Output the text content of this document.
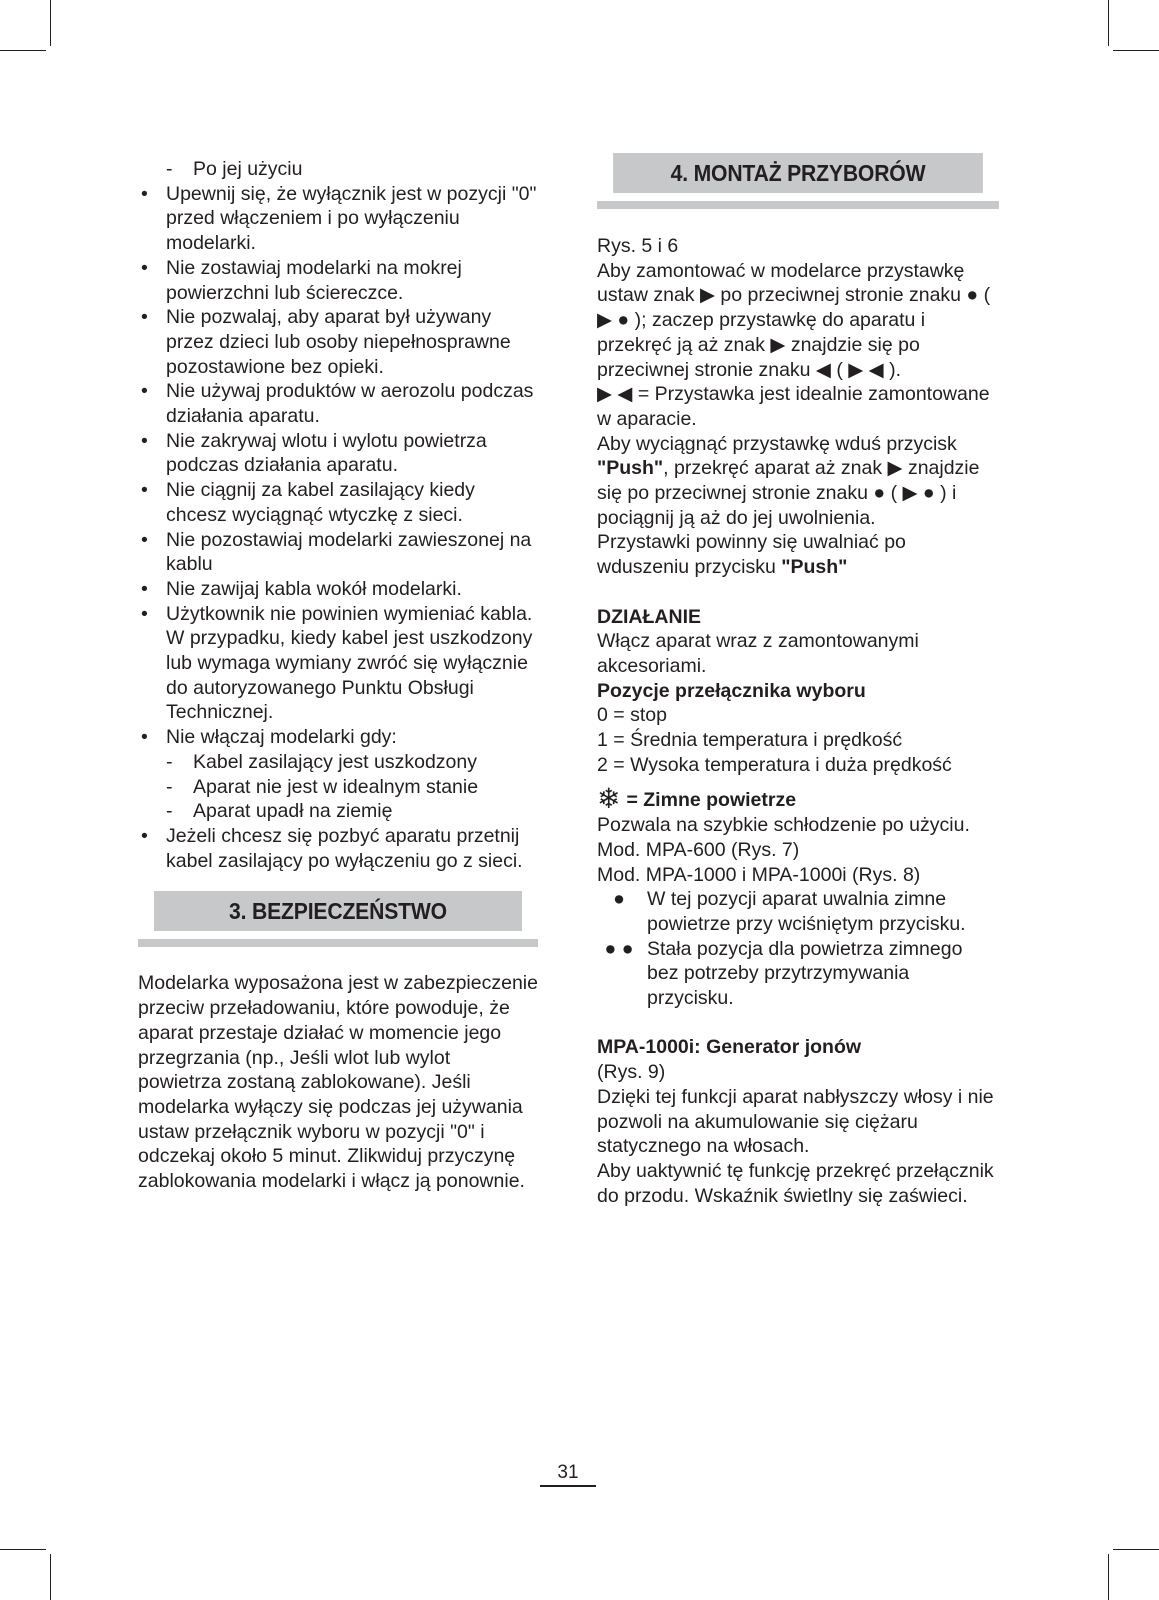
- Po jej użyciu
• Upewnij się, że wyłącznik jest w pozycji "0" przed włączeniem i po wyłączeniu modelarki.
• Nie zostawiaj modelarki na mokrej powierzchni lub ściereczce.
• Nie pozwalaj, aby aparat był używany przez dzieci lub osoby niepełnosprawne pozostawione bez opieki.
• Nie używaj produktów w aerozolu podczas działania aparatu.
• Nie zakrywaj wlotu i wylotu powietrza podczas działania aparatu.
• Nie ciągnij za kabel zasilający kiedy chcesz wyciągnąć wtyczkę z sieci.
• Nie pozostawiaj modelarki zawieszonej na kablu
• Nie zawijaj kabla wokół modelarki.
• Użytkownik nie powinien wymieniać kabla. W przypadku, kiedy kabel jest uszkodzony lub wymaga wymiany zwróć się wyłącznie do autoryzowanego Punktu Obsługi Technicznej.
• Nie włączaj modelarki gdy:
- Kabel zasilający jest uszkodzony
- Aparat nie jest w idealnym stanie
- Aparat upadł na ziemię
• Jeżeli chcesz się pozbyć aparatu przetnij kabel zasilający po wyłączeniu go z sieci.
3. BEZPIECZEŃSTWO

Modelarka wyposażona jest w zabezpieczenie przeciw przeładowaniu, które powoduje, że aparat przestaje działać w momencie jego przegrzania (np., Jeśli wlot lub wylot powietrza zostaną zablokowane). Jeśli modelarka wyłączy się podczas jej używania ustaw przełącznik wyboru w pozycji "0" i odczekaj około 5 minut. Zlikwiduj przyczynę zablokowania modelarki i włącz ją ponownie.

4. MONTAŻ PRZYBORÓW

Rys. 5 i 6

Aby zamontować w modelarce przystawkę ustaw znak ▶ po przeciwnej stronie znaku ● ( ▶ ● ); zaczep przystawkę do aparatu i przekręć ją aż znak ▶ znajdzie się po przeciwnej stronie znaku ◀ ( ▶ ◀ ).

▶ ◀ = Przystawka jest idealnie zamontowane w aparacie.

Aby wyciągnąć przystawkę wduś przycisk "Push", przekręć aparat aż znak ▶ znajdzie się po przeciwnej stronie znaku ● ( ▶ ● ) i pociągnij ją aż do jej uwolnienia.

Przystawki powinny się uwalniać po wduszeniu przycisku "Push"

DZIAŁANIE

Włącz aparat wraz z zamontowanymi akcesoriami.

Pozycje przełącznika wyboru

0 = stop

1 = Średnia temperatura i prędkość

2 = Wysoka temperatura i duża prędkość

❄ = Zimne powietrze

Pozwala na szybkie schłodzenie po użyciu.

Mod. MPA-600 (Rys. 7)

Mod. MPA-1000 i MPA-1000i (Rys. 8)

●	W tej pozycji aparat uwalnia zimne powietrze przy wciśniętym przycisku.
● ● Stała pozycja dla powietrza zimnego bez potrzeby przytrzymywania przycisku.

MPA-1000i: Generator jonów

(Rys. 9)

Dzięki tej funkcji aparat nabłyszczy włosy i nie pozwoli na akumulowanie się ciężaru statycznego na włosach.

Aby uaktywnić tę funkcję przekręć przełącznik do przodu. Wskaźnik świetlny się zaświeci.

31
